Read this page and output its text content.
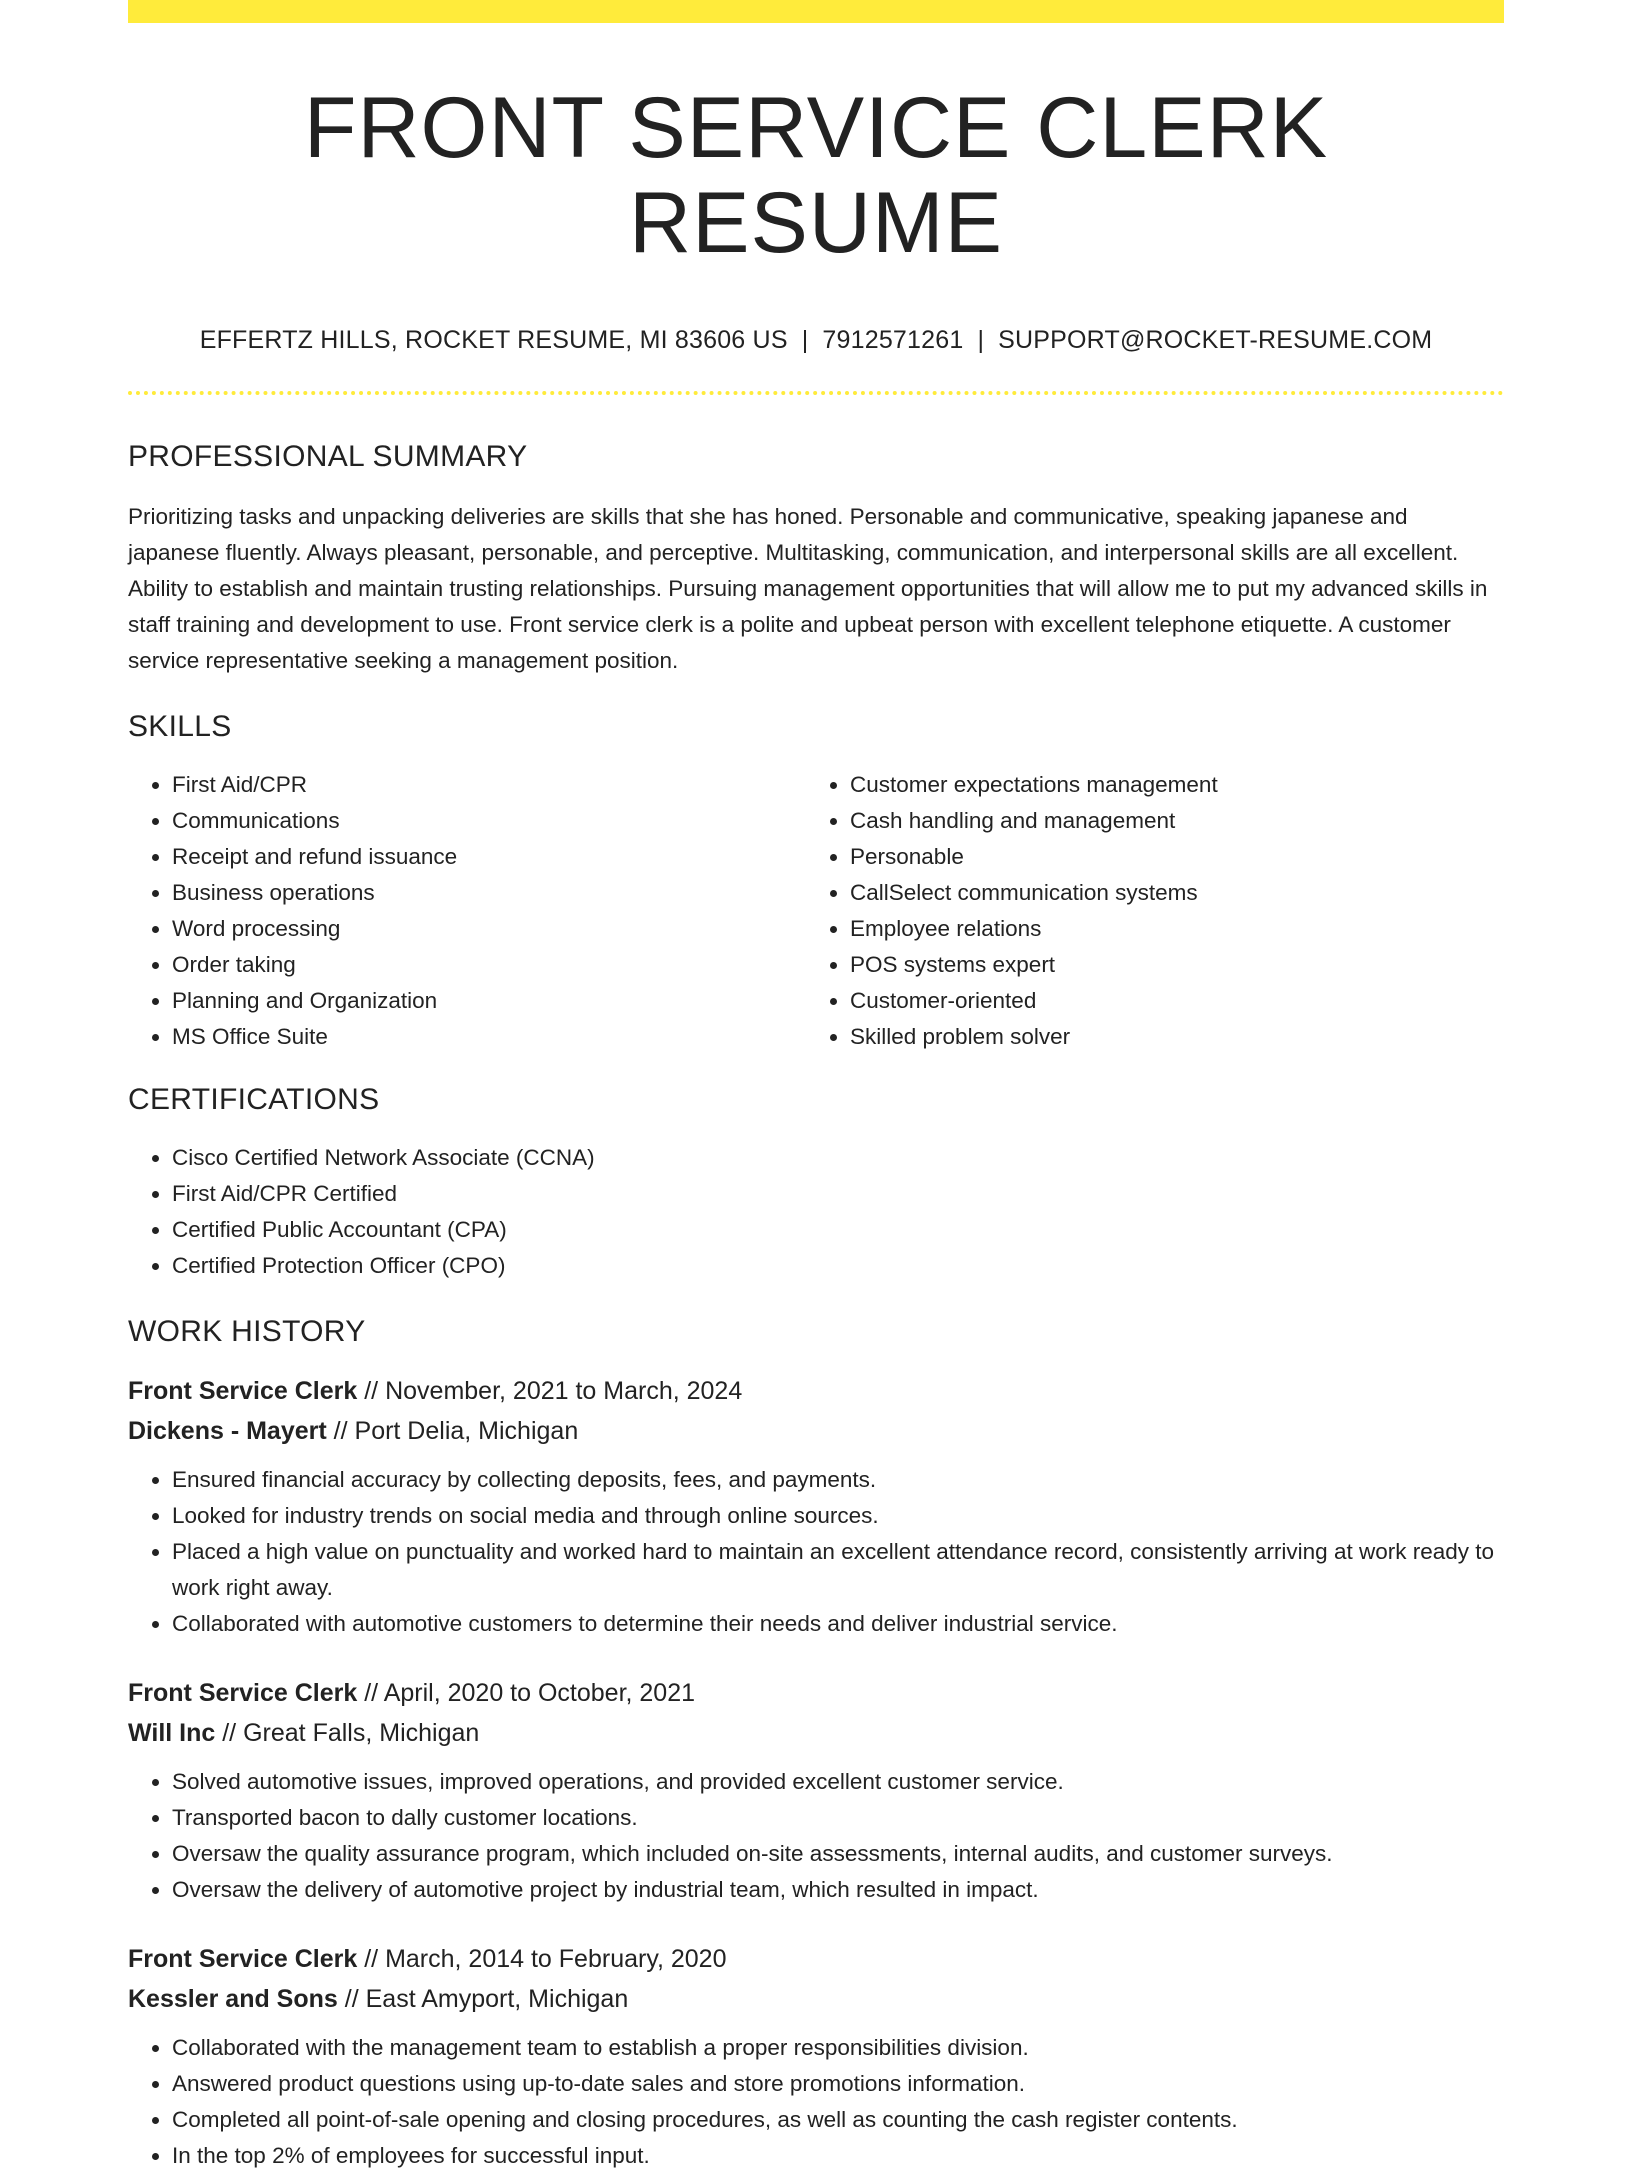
FRONT SERVICE CLERK RESUME
EFFERTZ HILLS, ROCKET RESUME, MI 83606 US | 7912571261 | SUPPORT@ROCKET-RESUME.COM
PROFESSIONAL SUMMARY

Prioritizing tasks and unpacking deliveries are skills that she has honed. Personable and communicative, speaking japanese and japanese fluently. Always pleasant, personable, and perceptive. Multitasking, communication, and interpersonal skills are all excellent. Ability to establish and maintain trusting relationships. Pursuing management opportunities that will allow me to put my advanced skills in staff training and development to use. Front service clerk is a polite and upbeat person with excellent telephone etiquette. A customer service representative seeking a management position.

SKILLS
• First Aid/CPR
• Communications
• Receipt and refund issuance
• Business operations
• Word processing
• Order taking
• Planning and Organization
• MS Office Suite
• Customer expectations management
• Cash handling and management
• Personable
• CallSelect communication systems
• Employee relations
• POS systems expert
• Customer-oriented
• Skilled problem solver
CERTIFICATIONS
• Cisco Certified Network Associate (CCNA)
• First Aid/CPR Certified
• Certified Public Accountant (CPA)
• Certified Protection Officer (CPO)
WORK HISTORY
Front Service Clerk // November, 2021 to March, 2024
Dickens - Mayert // Port Delia, Michigan
• Ensured financial accuracy by collecting deposits, fees, and payments.
• Looked for industry trends on social media and through online sources.
• Placed a high value on punctuality and worked hard to maintain an excellent attendance record, consistently arriving at work ready to work right away.
• Collaborated with automotive customers to determine their needs and deliver industrial service.
Front Service Clerk // April, 2020 to October, 2021
Will Inc // Great Falls, Michigan
• Solved automotive issues, improved operations, and provided excellent customer service.
• Transported bacon to dally customer locations.
• Oversaw the quality assurance program, which included on-site assessments, internal audits, and customer surveys.
• Oversaw the delivery of automotive project by industrial team, which resulted in impact.
Front Service Clerk // March, 2014 to February, 2020
Kessler and Sons // East Amyport, Michigan
• Collaborated with the management team to establish a proper responsibilities division.
• Answered product questions using up-to-date sales and store promotions information.
• Completed all point-of-sale opening and closing procedures, as well as counting the cash register contents.
• In the top 2% of employees for successful input.
